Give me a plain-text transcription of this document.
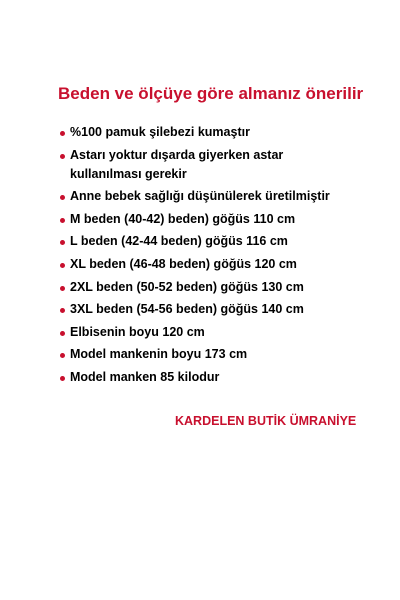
Beden ve ölçüye göre almanız önerilir
%100 pamuk şilebezi kumaştır
Astarı yoktur dışarda giyerken astar
kullanılması gerekir
Anne bebek sağlığı düşünülerek üretilmiştir
M beden (40-42) beden) göğüs 110 cm
L beden (42-44 beden) göğüs 116 cm
XL beden (46-48 beden) göğüs 120 cm
2XL beden (50-52 beden) göğüs 130 cm
3XL beden (54-56 beden) göğüs 140 cm
Elbisenin boyu 120 cm
Model mankenin boyu 173 cm
Model manken 85 kilodur
KARDELEN BUTİK ÜMRANİYE
